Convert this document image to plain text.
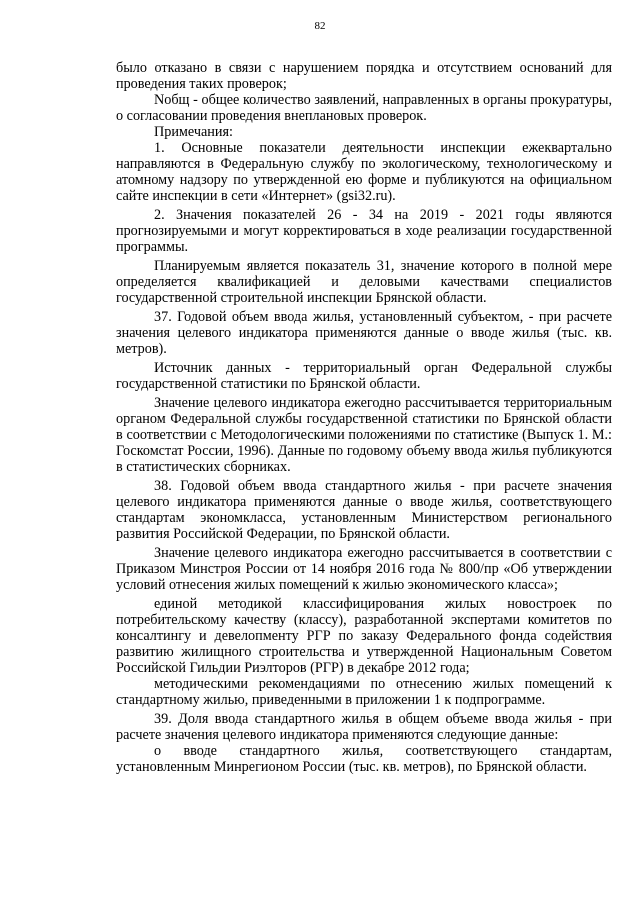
82

было отказано в связи с нарушением порядка и отсутствием оснований для проведения таких проверок;

Nобщ - общее количество заявлений, направленных в органы прокуратуры, о согласовании проведения внеплановых проверок.

Примечания:

1. Основные показатели деятельности инспекции ежеквартально направляются в Федеральную службу по экологическому, технологическому и атомному надзору по утвержденной ею форме и публикуются на официальном сайте инспекции в сети «Интернет» (gsi32.ru).

2. Значения показателей 26 - 34 на 2019 - 2021 годы являются прогнозируемыми и могут корректироваться в ходе реализации государственной программы.

Планируемым является показатель 31, значение которого в полной мере определяется квалификацией и деловыми качествами специалистов государственной строительной инспекции Брянской области.

37. Годовой объем ввода жилья, установленный субъектом, - при расчете значения целевого индикатора применяются данные о вводе жилья (тыс. кв. метров).

Источник данных - территориальный орган Федеральной службы государственной статистики по Брянской области.

Значение целевого индикатора ежегодно рассчитывается территориальным органом Федеральной службы государственной статистики по Брянской области в соответствии с Методологическими положениями по статистике (Выпуск 1. М.: Госкомстат России, 1996). Данные по годовому объему ввода жилья публикуются в статистических сборниках.

38. Годовой объем ввода стандартного жилья - при расчете значения целевого индикатора применяются данные о вводе жилья, соответствующего стандартам экономкласса, установленным Министерством регионального развития Российской Федерации, по Брянской области.

Значение целевого индикатора ежегодно рассчитывается в соответствии с Приказом Минстроя России от 14 ноября 2016 года № 800/пр «Об утверждении условий отнесения жилых помещений к жилью экономического класса»;

единой методикой классифицирования жилых новостроек по потребительскому качеству (классу), разработанной экспертами комитетов по консалтингу и девелопменту РГР по заказу Федерального фонда содействия развитию жилищного строительства и утвержденной Национальным Советом Российской Гильдии Риэлторов (РГР) в декабре 2012 года;

методическими рекомендациями по отнесению жилых помещений к стандартному жилью, приведенными в приложении 1 к подпрограмме.

39. Доля ввода стандартного жилья в общем объеме ввода жилья - при расчете значения целевого индикатора применяются следующие данные:

о вводе стандартного жилья, соответствующего стандартам, установленным Минрегионом России (тыс. кв. метров), по Брянской области.
